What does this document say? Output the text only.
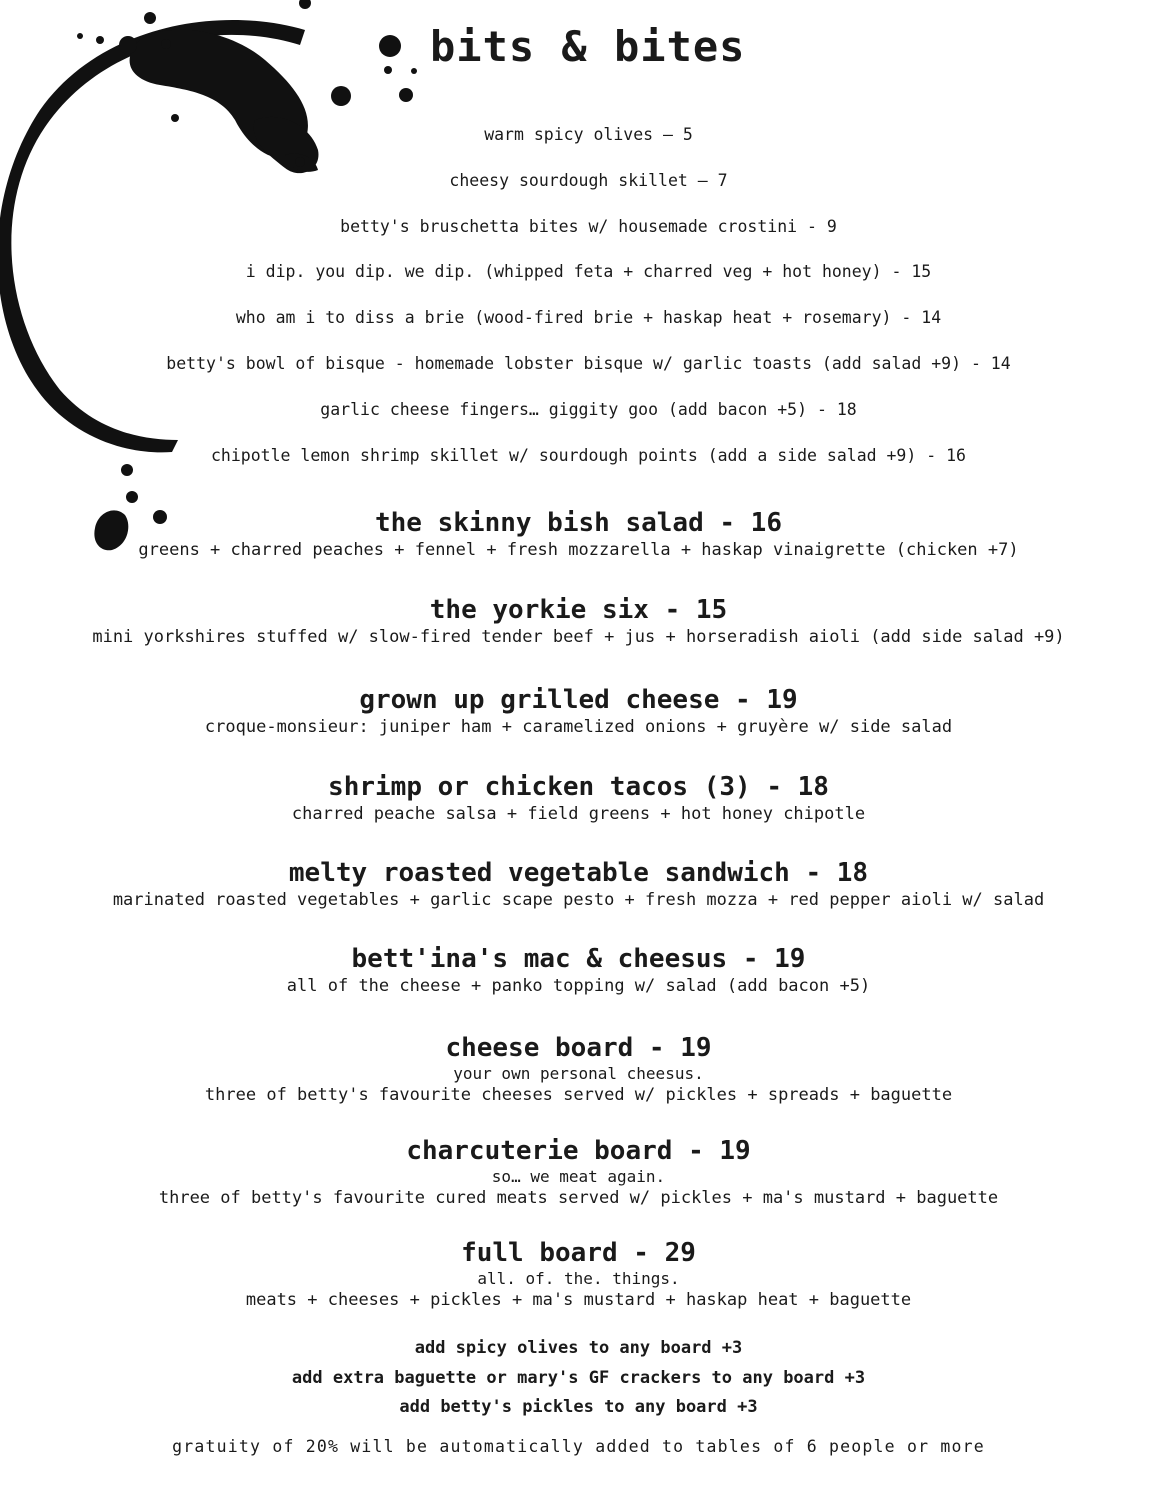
bits & bites
warm spicy olives — 5
cheesy sourdough skillet — 7
betty's bruschetta bites w/ housemade crostini - 9
i dip. you dip. we dip. (whipped feta + charred veg + hot honey) - 15
who am i to diss a brie (wood-fired brie + haskap heat + rosemary) - 14
betty's bowl of bisque - homemade lobster bisque w/ garlic toasts (add salad +9) - 14
garlic cheese fingers… giggity goo (add bacon +5) - 18
chipotle lemon shrimp skillet w/ sourdough points (add a side salad +9) - 16
the skinny bish salad - 16
greens + charred peaches + fennel + fresh mozzarella + haskap vinaigrette (chicken +7)
the yorkie six - 15
mini yorkshires stuffed w/ slow-fired tender beef + jus + horseradish aioli (add side salad +9)
grown up grilled cheese - 19
croque-monsieur: juniper ham + caramelized onions + gruyère w/ side salad
shrimp or chicken tacos (3) - 18
charred peache salsa + field greens + hot honey chipotle
melty roasted vegetable sandwich - 18
marinated roasted vegetables + garlic scape pesto + fresh mozza + red pepper aioli w/ salad
bett'ina's mac & cheesus - 19
all of the cheese + panko topping w/ salad (add bacon +5)
cheese board - 19
your own personal cheesus.
three of betty's favourite cheeses served w/ pickles + spreads + baguette
charcuterie board - 19
so… we meat again.
three of betty's favourite cured meats served w/ pickles + ma's mustard + baguette
full board - 29
all. of. the. things.
meats + cheeses + pickles + ma's mustard + haskap heat + baguette
add spicy olives to any board +3
add extra baguette or mary's GF crackers to any board +3
add betty's pickles to any board +3
gratuity of 20% will be automatically added to tables of 6 people or more
